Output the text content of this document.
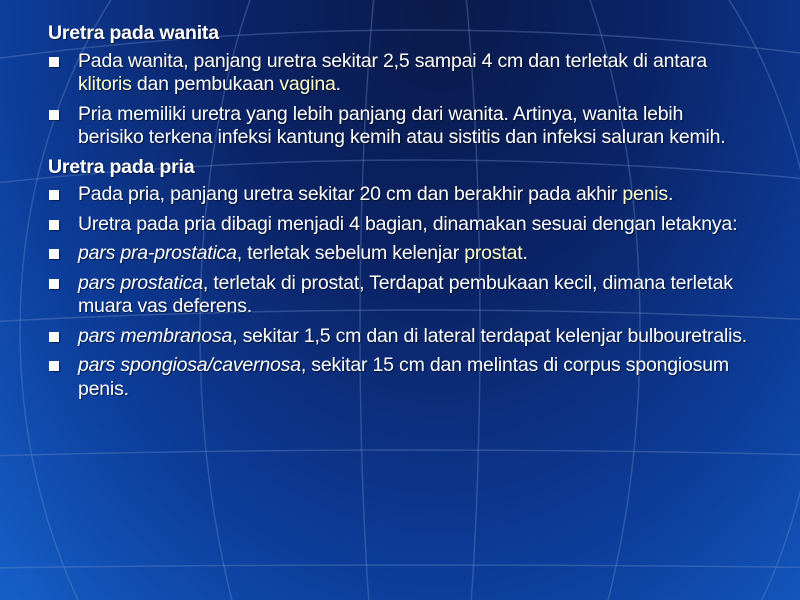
Uretra pada wanita
Pada wanita, panjang uretra sekitar 2,5 sampai 4 cm dan terletak di antara klitoris dan pembukaan vagina.
Pria memiliki uretra yang lebih panjang dari wanita. Artinya, wanita lebih berisiko terkena infeksi kantung kemih atau sistitis dan infeksi saluran kemih.
Uretra pada pria
Pada pria, panjang uretra sekitar 20 cm dan berakhir pada akhir penis.
Uretra pada pria dibagi menjadi 4 bagian, dinamakan sesuai dengan letaknya:
pars pra-prostatica, terletak sebelum kelenjar prostat.
pars prostatica, terletak di prostat, Terdapat pembukaan kecil, dimana terletak muara vas deferens.
pars membranosa, sekitar 1,5 cm dan di lateral terdapat kelenjar bulbouretralis.
pars spongiosa/cavernosa, sekitar 15 cm dan melintas di corpus spongiosum penis.
